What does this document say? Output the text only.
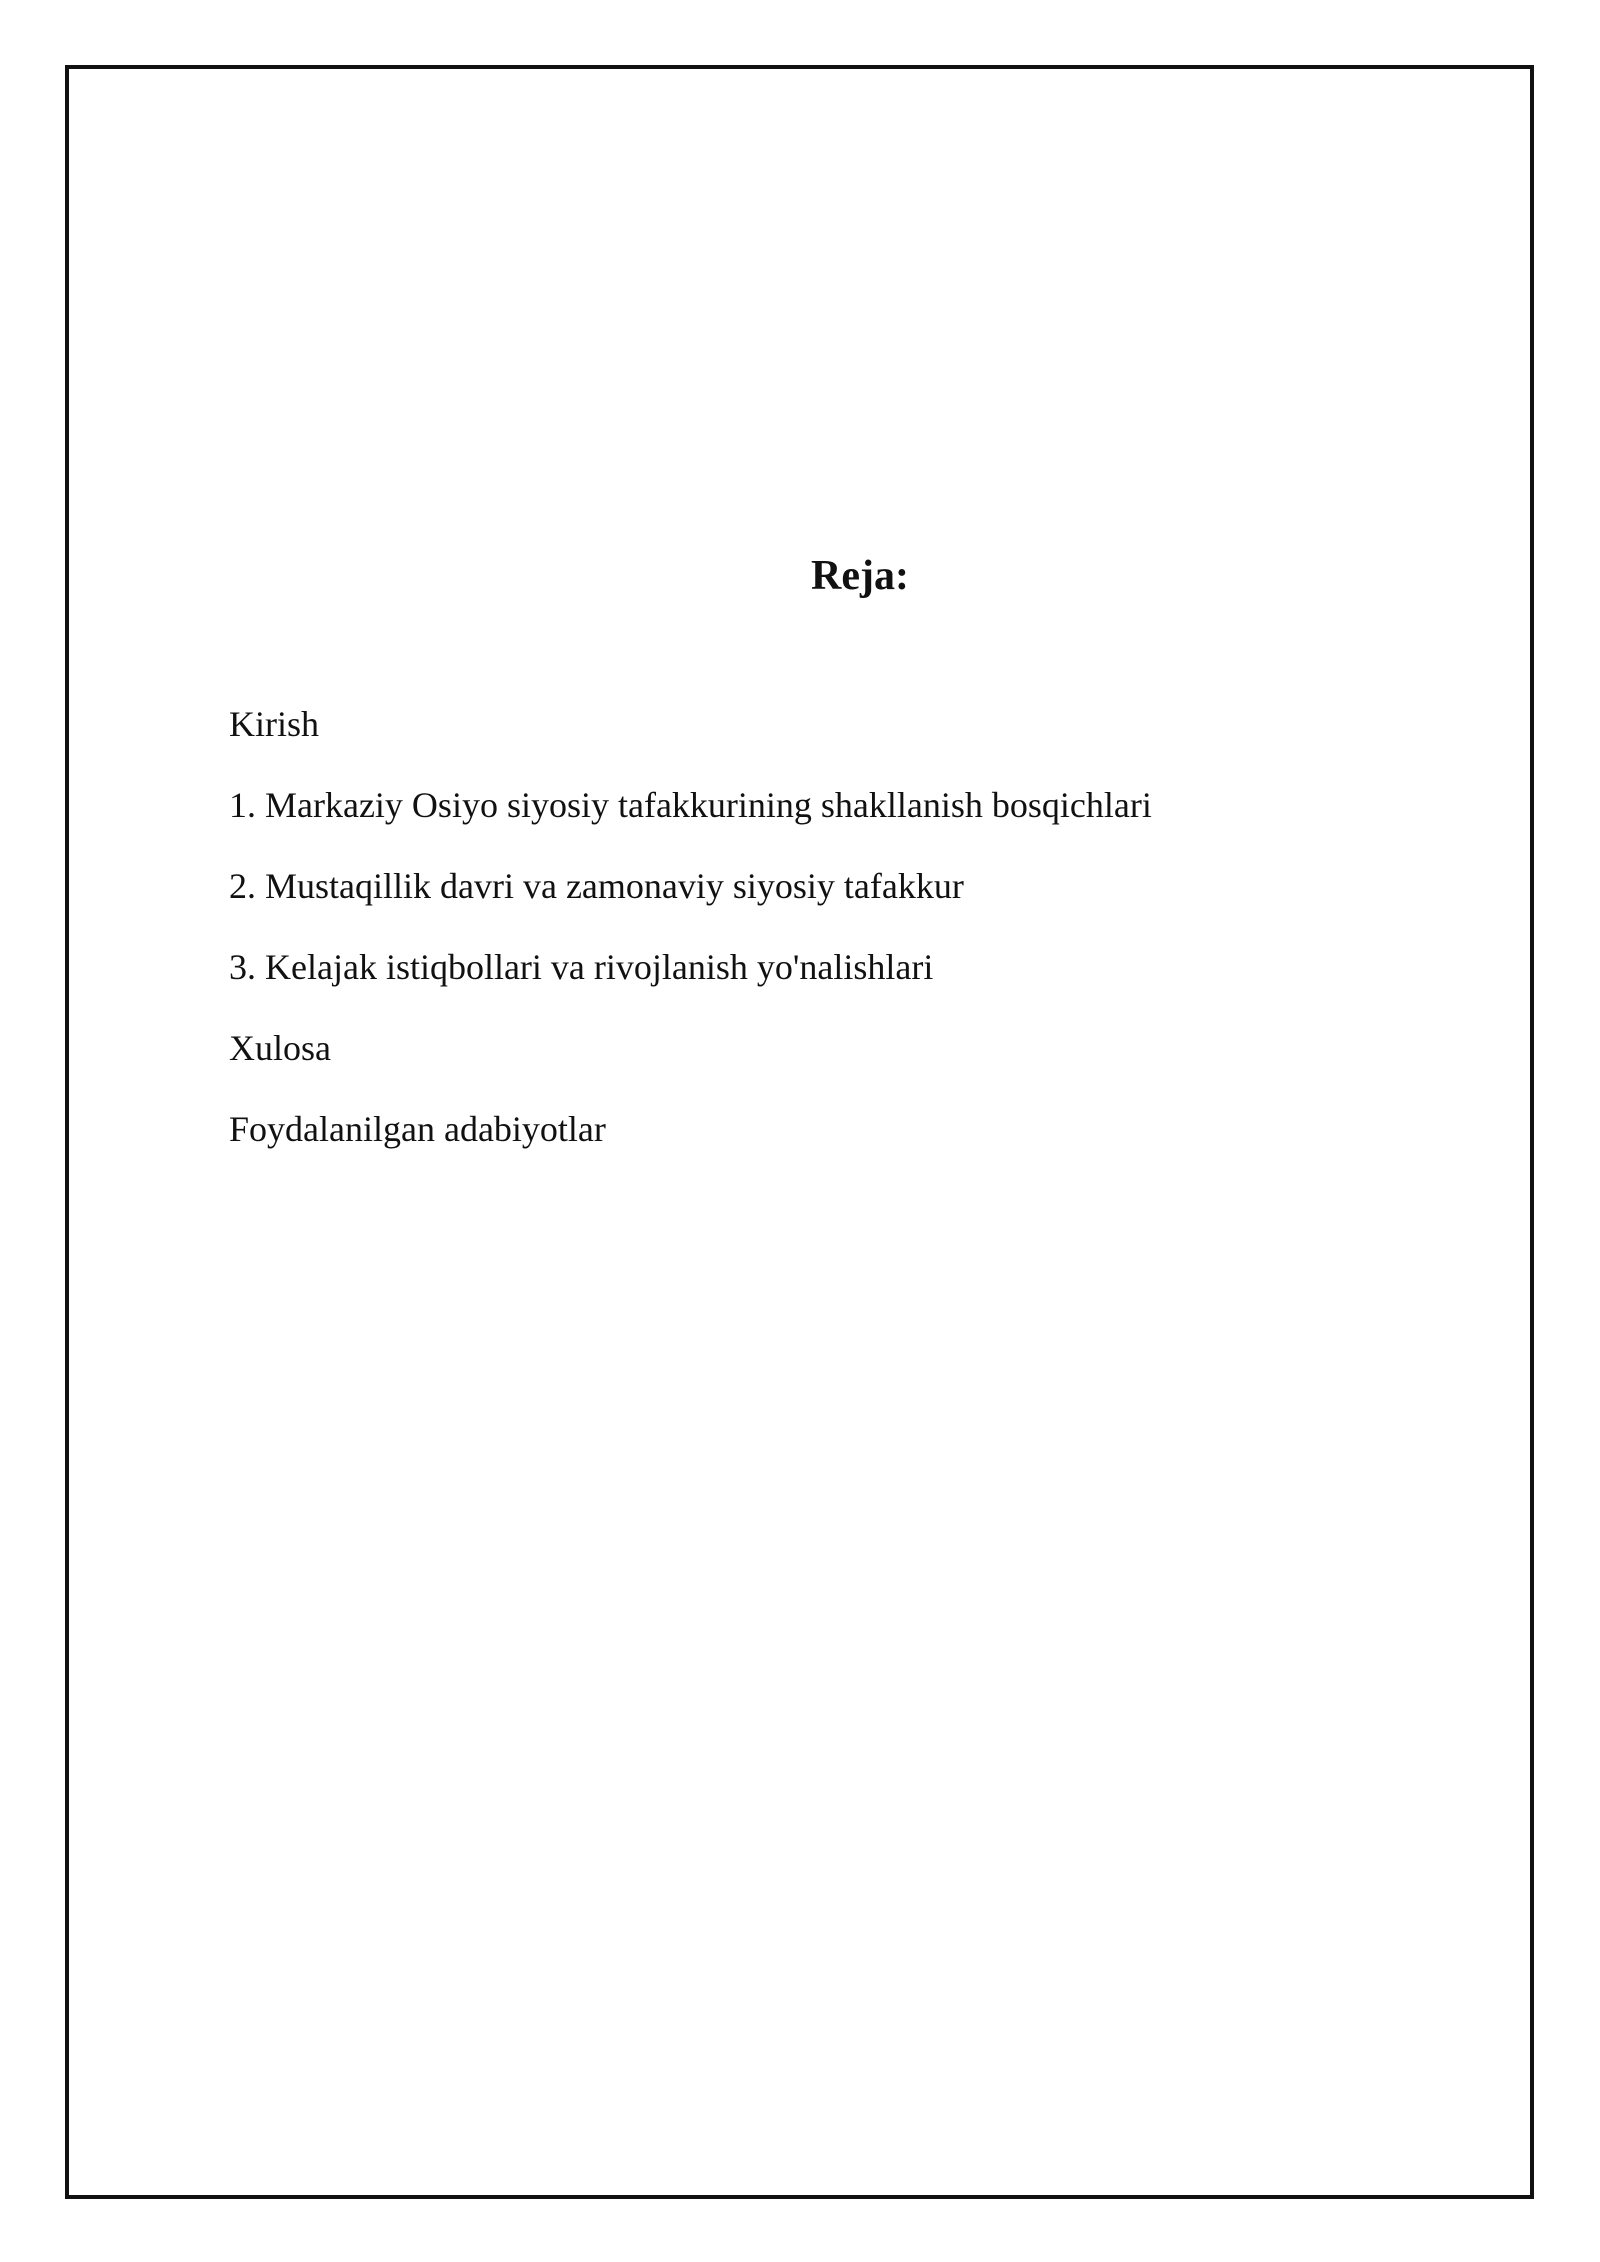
Reja:
Kirish
1. Markaziy Osiyo siyosiy tafakkurining shakllanish bosqichlari
2. Mustaqillik davri va zamonaviy siyosiy tafakkur
3. Kelajak istiqbollari va rivojlanish yo'nalishlari
Xulosa
Foydalanilgan adabiyotlar
